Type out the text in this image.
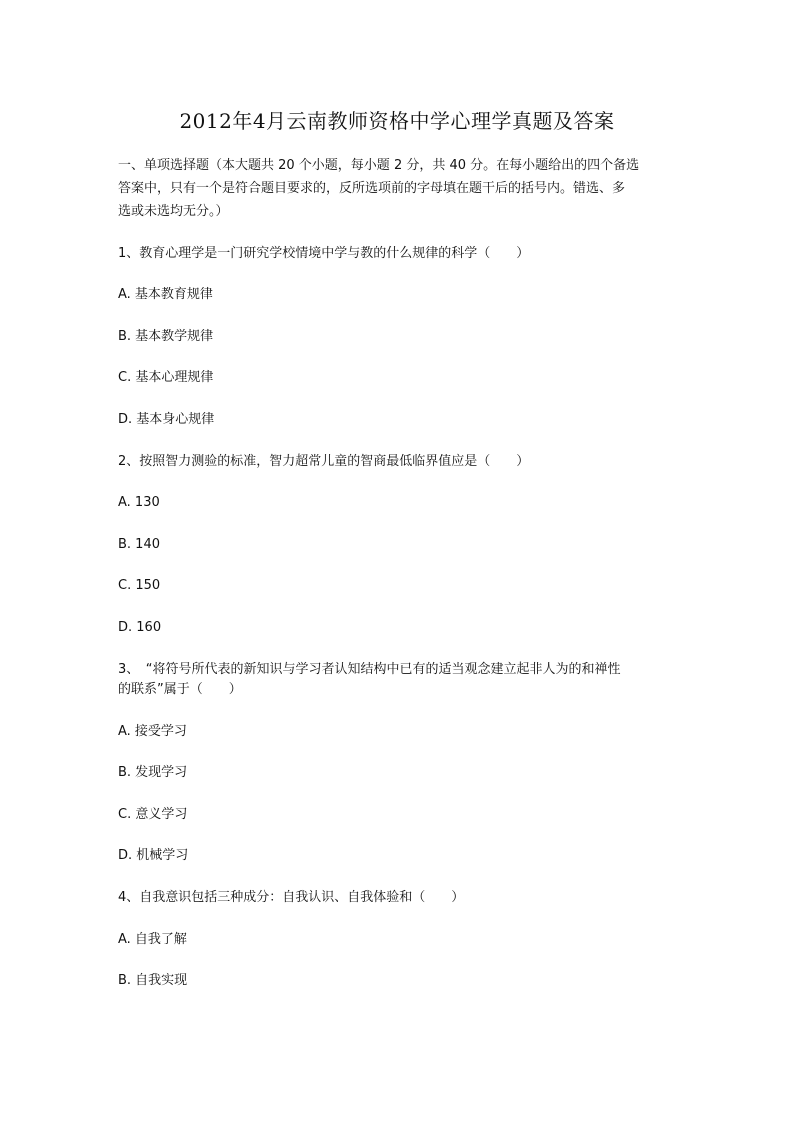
2012年4月云南教师资格中学心理学真题及答案
一、单项选择题（本大题共 20 个小题，每小题 2 分，共 40 分。在每小题给出的四个备选
答案中，只有一个是符合题目要求的，反所选项前的字母填在题干后的括号内。错选、多
选或未选均无分。）
1、教育心理学是一门研究学校情境中学与教的什么规律的科学（　　）
A. 基本教育规律
B. 基本教学规律
C. 基本心理规律
D. 基本身心规律
2、按照智力测验的标准，智力超常儿童的智商最低临界值应是（　　）
A. 130
B. 140
C. 150
D. 160
3、　“将符号所代表的新知识与学习者认知结构中已有的适当观念建立起非人为的和禅性
的联系”属于（　　）
A. 接受学习
B. 发现学习
C. 意义学习
D. 机械学习
4、自我意识包括三种成分：自我认识、自我体验和（　　）
A. 自我了解
B. 自我实现
